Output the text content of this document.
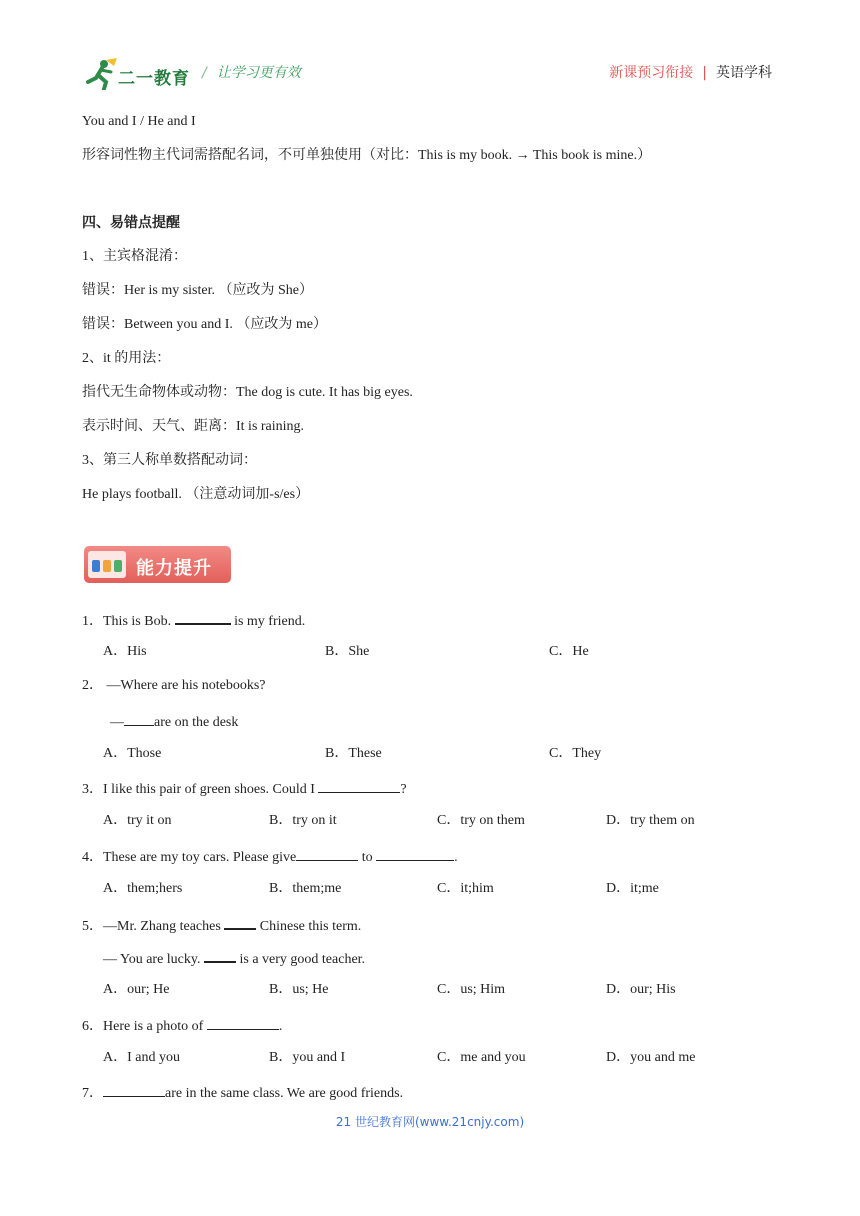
二一教育 / 让学习更有效	新课预习衔接 | 英语学科
You and I / He and I
形容词性物主代词需搭配名词，不可单独使用（对比：This is my book. → This book is mine.）
四、易错点提醒
1、主宾格混淆：
错误：Her is my sister. （应改为 She）
错误：Between you and I. （应改为 me）
2、it 的用法：
指代无生命物体或动物：The dog is cute. It has big eyes.
表示时间、天气、距离：It is raining.
3、第三人称单数搭配动词：
He plays football. （注意动词加-s/es）
能力提升
1．This is Bob.	is my friend.
A．His	B．She	C．He
2． —Where are his notebooks?
— are on the desk
A．Those	B．These	C．They
3．I like this pair of green shoes. Could I	?
A．try it on	B．try on it	C．try on them	D．try them on
4．These are my toy cars. Please give	to	.
A．them;hers	B．them;me	C．it;him	D．it;me
5．—Mr. Zhang teaches  Chinese this term.
— You are lucky.  is a very good teacher.
A．our; He	B．us; He	C．us; Him	D．our; His
6．Here is a photo of	.
A．I and you	B．you and I	C．me and you	D．you and me
7．	are in the same class. We are good friends.
21 世纪教育网(www.21cnjy.com)
